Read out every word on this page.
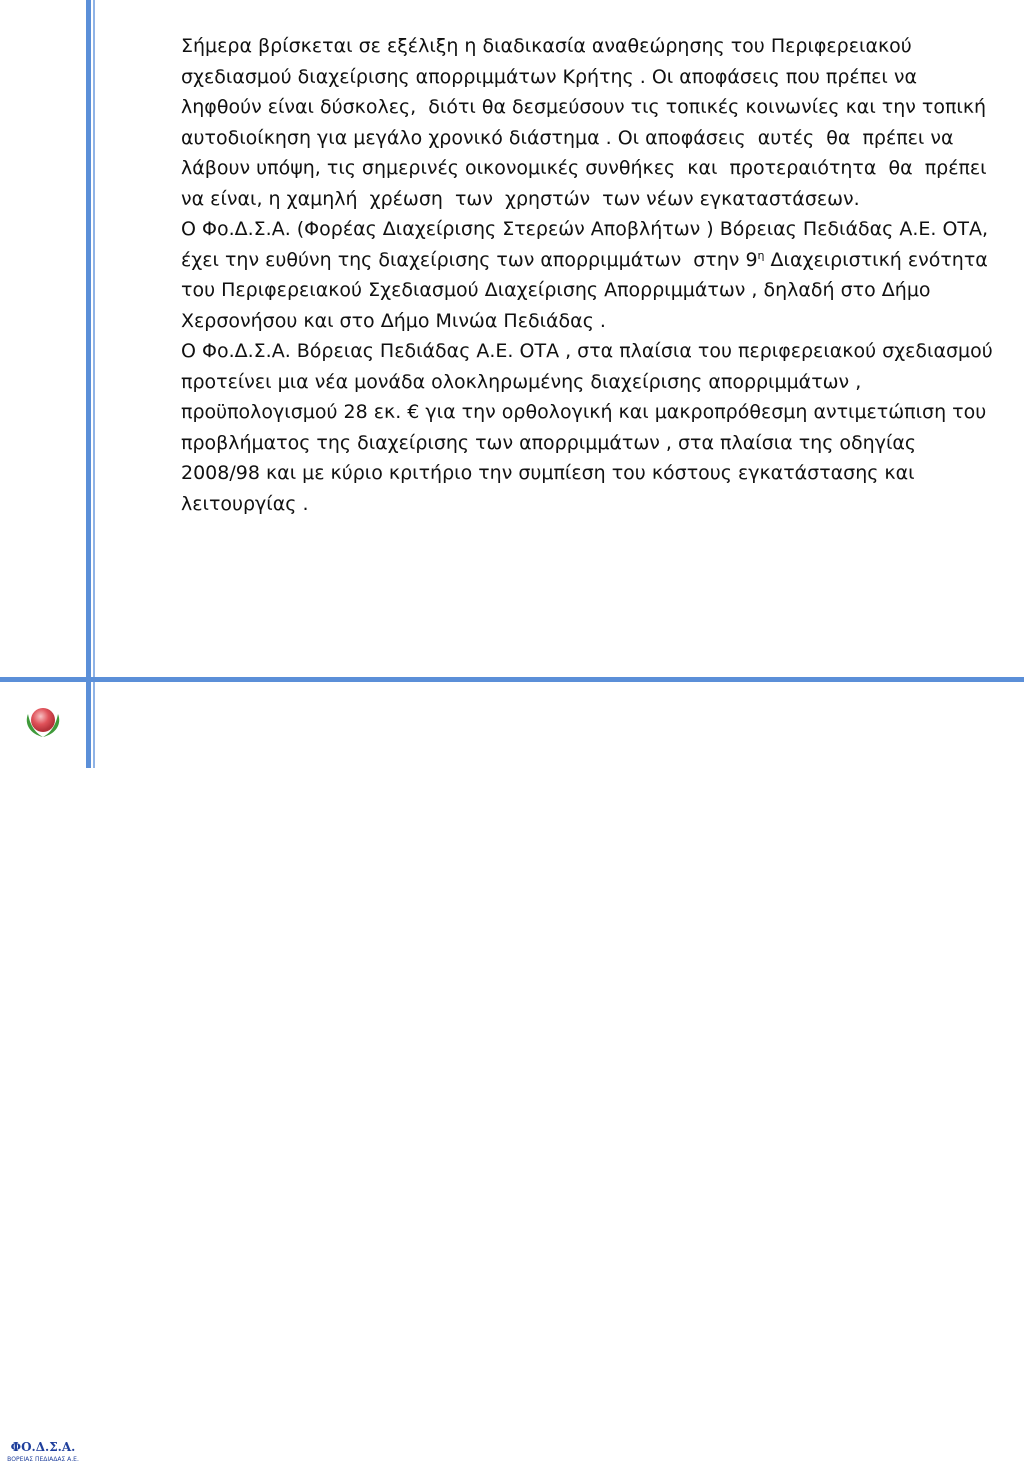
Σήμερα βρίσκεται σε εξέλιξη η διαδικασία αναθεώρησης του Περιφερειακού σχεδιασμού διαχείρισης απορριμμάτων Κρήτης . Οι αποφάσεις που πρέπει να ληφθούν είναι δύσκολες,  διότι θα δεσμεύσουν τις τοπικές κοινωνίες και την τοπική αυτοδιοίκηση για μεγάλο χρονικό διάστημα . Οι αποφάσεις  αυτές  θα  πρέπει να λάβουν υπόψη, τις σημερινές οικονομικές συνθήκες  και  προτεραιότητα  θα  πρέπει να είναι, η χαμηλή  χρέωση  των  χρηστών  των νέων εγκαταστάσεων.

Ο Φο.Δ.Σ.Α. (Φορέας Διαχείρισης Στερεών Αποβλήτων ) Βόρειας Πεδιάδας Α.Ε. ΟΤΑ, έχει την ευθύνη της διαχείρισης των απορριμμάτων  στην $9^\eta$ Διαχειριστική ενότητα του Περιφερειακού Σχεδιασμού Διαχείρισης Απορριμμάτων , δηλαδή στο Δήμο Χερσονήσου και στο Δήμο Μινώα Πεδιάδας .

Ο Φο.Δ.Σ.Α. Βόρειας Πεδιάδας Α.Ε. ΟΤΑ , στα πλαίσια του περιφερειακού σχεδιασμού προτείνει μια νέα μονάδα ολοκληρωμένης διαχείρισης απορριμμάτων , προϋπολογισμού 28 εκ. € για την ορθολογική και μακροπρόθεσμη αντιμετώπιση του προβλήματος της διαχείρισης των απορριμμάτων , στα πλαίσια της οδηγίας 2008/98 και με κύριο κριτήριο την συμπίεση του κόστους εγκατάστασης και λειτουργίας .

ΦΟ.Δ.Σ.Α.
ΒΟΡΕΙΑΣ ΠΕΔΙΑΔΑΣ Α.Ε.
